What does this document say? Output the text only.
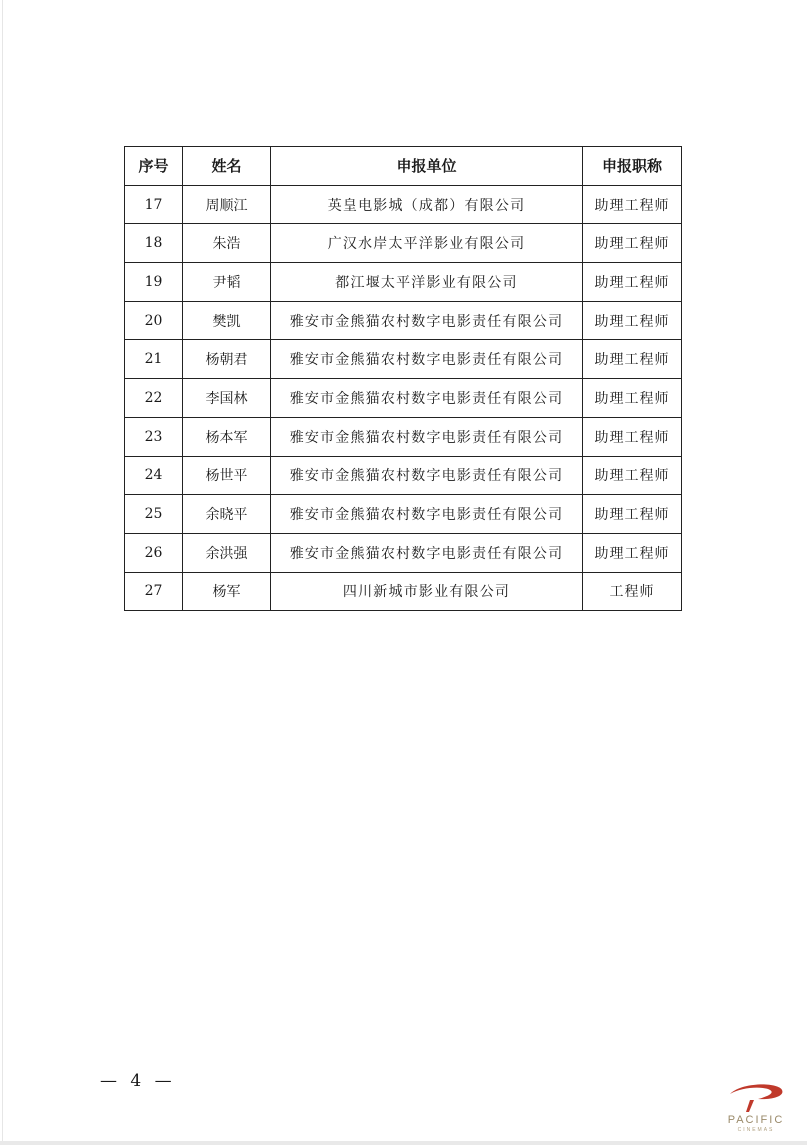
序号	姓名	申报单位	申报职称
17	周顺江	英皇电影城（成都）有限公司	助理工程师
18	朱浩	广汉水岸太平洋影业有限公司	助理工程师
19	尹韬	都江堰太平洋影业有限公司	助理工程师
20	樊凯	雅安市金熊猫农村数字电影责任有限公司	助理工程师
21	杨朝君	雅安市金熊猫农村数字电影责任有限公司	助理工程师
22	李国林	雅安市金熊猫农村数字电影责任有限公司	助理工程师
23	杨本军	雅安市金熊猫农村数字电影责任有限公司	助理工程师
24	杨世平	雅安市金熊猫农村数字电影责任有限公司	助理工程师
25	余晓平	雅安市金熊猫农村数字电影责任有限公司	助理工程师
26	余洪强	雅安市金熊猫农村数字电影责任有限公司	助理工程师
27	杨军	四川新城市影业有限公司	工程师
— 4 —
PACIFIC
CINEMAS
